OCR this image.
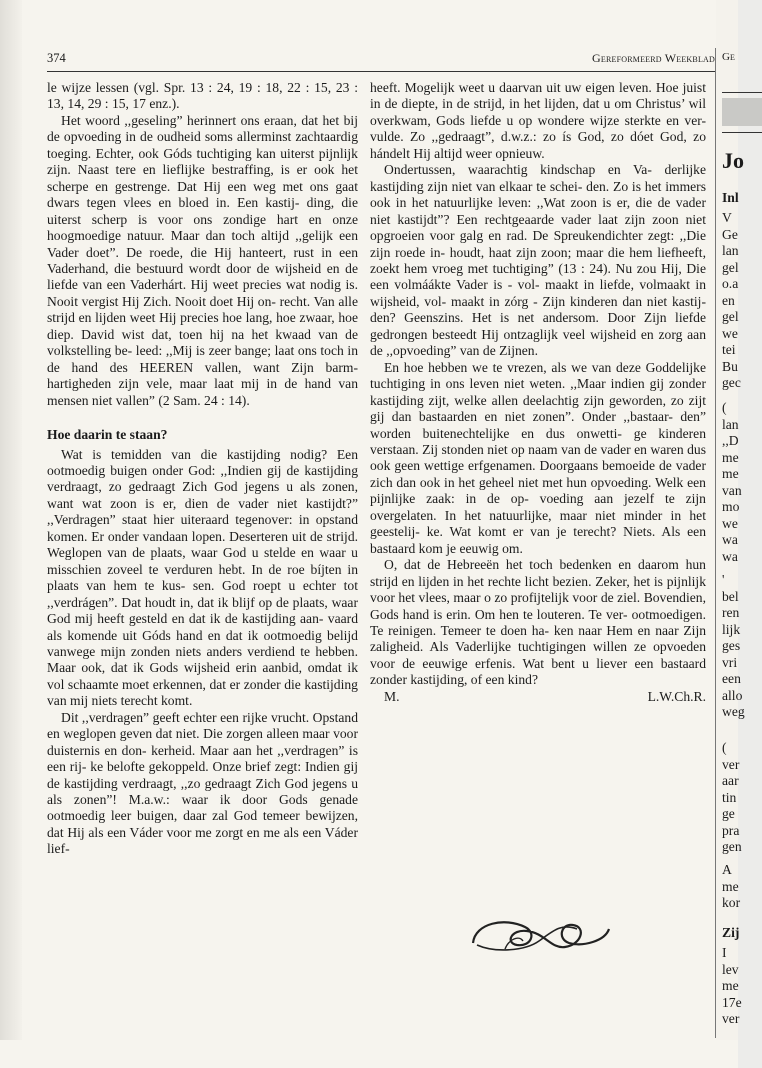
374	Gereformeerd Weekblad

le wijze lessen (vgl. Spr. 13 : 24, 19 : 18, 22 : 15, 23 : 13, 14, 29 : 15, 17 enz.).

Het woord ,,geseling” herinnert ons eraan, dat het bij de opvoeding in de oudheid soms allerminst zachtaardig toeging. Echter, ook Góds tuchtiging kan uiterst pijnlijk zijn. Naast tere en lieflijke bestraffing, is er ook het scherpe en gestrenge. Dat Hij een weg met ons gaat dwars tegen vlees en bloed in. Een kastij- ding, die uiterst scherp is voor ons zondige hart en onze hoogmoedige natuur. Maar dan toch altijd ,,gelijk een Vader doet”. De roede, die Hij hanteert, rust in een Vaderhand, die bestuurd wordt door de wijsheid en de liefde van een Vaderhárt. Hij weet precies wat nodig is. Nooit vergist Hij Zich. Nooit doet Hij on- recht. Van alle strijd en lijden weet Hij precies hoe lang, hoe zwaar, hoe diep. David wist dat, toen hij na het kwaad van de volkstelling be- leed: ,,Mij is zeer bange; laat ons toch in de hand des HEEREN vallen, want Zijn barm- hartigheden zijn vele, maar laat mij in de hand van mensen niet vallen” (2 Sam. 24 : 14).

Hoe daarin te staan?

Wat is temidden van die kastijding nodig? Een ootmoedig buigen onder God: ,,Indien gij de kastijding verdraagt, zo gedraagt Zich God jegens u als zonen, want wat zoon is er, dien de vader niet kastijdt?” ,,Verdragen” staat hier uiteraard tegenover: in opstand komen. Er onder vandaan lopen. Deserteren uit de strijd. Weglopen van de plaats, waar God u stelde en waar u misschien zoveel te verduren hebt. In de roe bíjten in plaats van hem te kus- sen. God roept u echter tot ,,verdrágen”. Dat houdt in, dat ik blijf op de plaats, waar God mij heeft gesteld en dat ik de kastijding aan- vaard als komende uit Góds hand en dat ik ootmoedig belijd vanwege mijn zonden niets anders verdiend te hebben. Maar ook, dat ik Gods wijsheid erin aanbid, omdat ik vol schaamte moet erkennen, dat er zonder die kastijding van mij niets terecht komt.

Dit ,,verdragen” geeft echter een rijke vrucht. Opstand en weglopen geven dat niet. Die zorgen alleen maar voor duisternis en don- kerheid. Maar aan het ,,verdragen” is een rij- ke belofte gekoppeld. Onze brief zegt: Indien gij de kastijding verdraagt, ,,zo gedraagt Zich God jegens u als zonen”! M.a.w.: waar ik door Gods genade ootmoedig leer buigen, daar zal God temeer bewijzen, dat Hij als een Váder voor me zorgt en me als een Váder lief-

heeft. Mogelijk weet u daarvan uit uw eigen leven. Hoe juist in de diepte, in de strijd, in het lijden, dat u om Christus’ wil overkwam, Gods liefde u op wondere wijze sterkte en ver- vulde. Zo ,,gedraagt”, d.w.z.: zo ís God, zo dóet God, zo hándelt Hij altijd weer opnieuw.

Ondertussen, waarachtig kindschap en Va- derlijke kastijding zijn niet van elkaar te schei- den. Zo is het immers ook in het natuurlijke leven: ,,Wat zoon is er, die de vader niet kastijdt”? Een rechtgeaarde vader laat zijn zoon niet opgroeien voor galg en rad. De Spreukendichter zegt: ,,Die zijn roede in- houdt, haat zijn zoon; maar die hem liefheeft, zoekt hem vroeg met tuchtiging” (13 : 24). Nu zou Hij, Die een volmáákte Vader is - vol- maakt in liefde, volmaakt in wijsheid, vol- maakt in zórg - Zijn kinderen dan niet kastij- den? Geenszins. Het is net andersom. Door Zijn liefde gedrongen besteedt Hij ontzaglijk veel wijsheid en zorg aan de ,,opvoeding” van de Zijnen.

En hoe hebben we te vrezen, als we van deze Goddelijke tuchtiging in ons leven niet weten. ,,Maar indien gij zonder kastijding zijt, welke allen deelachtig zijn geworden, zo zijt gij dan bastaarden en niet zonen”. Onder ,,bastaar- den” worden buitenechtelijke en dus onwetti- ge kinderen verstaan. Zij stonden niet op naam van de vader en waren dus ook geen wettige erfgenamen. Doorgaans bemoeide de vader zich dan ook in het geheel niet met hun opvoeding. Welk een pijnlijke zaak: in de op- voeding aan jezelf te zijn overgelaten. In het natuurlijke, maar niet minder in het geestelij- ke. Wat komt er van je terecht? Niets. Als een bastaard kom je eeuwig om.

O, dat de Hebreeën het toch bedenken en daarom hun strijd en lijden in het rechte licht bezien. Zeker, het is pijnlijk voor het vlees, maar o zo profijtelijk voor de ziel. Bovendien, Gods hand is erin. Om hen te louteren. Te ver- ootmoedigen. Te reinigen. Temeer te doen ha- ken naar Hem en naar Zijn zaligheid. Als Vaderlijke tuchtigingen willen ze opvoeden voor de eeuwige erfenis. Wat bent u liever een bastaard zonder kastijding, of een kind?

M.	L.W.Ch.R.

Ge
Jo
Inl
V
Ge
lan
gel
o.a
en
gel
we
tei
Bu
gec
(
lan
,,D
me
me
van
mo
we
wa
wa
'
bel
ren
lijk
ges
vri
een
allo
weg
(
ver
aar
tin
ge
pra
gen
A
me
kor
Zij
I
lev
me
17e
ver
